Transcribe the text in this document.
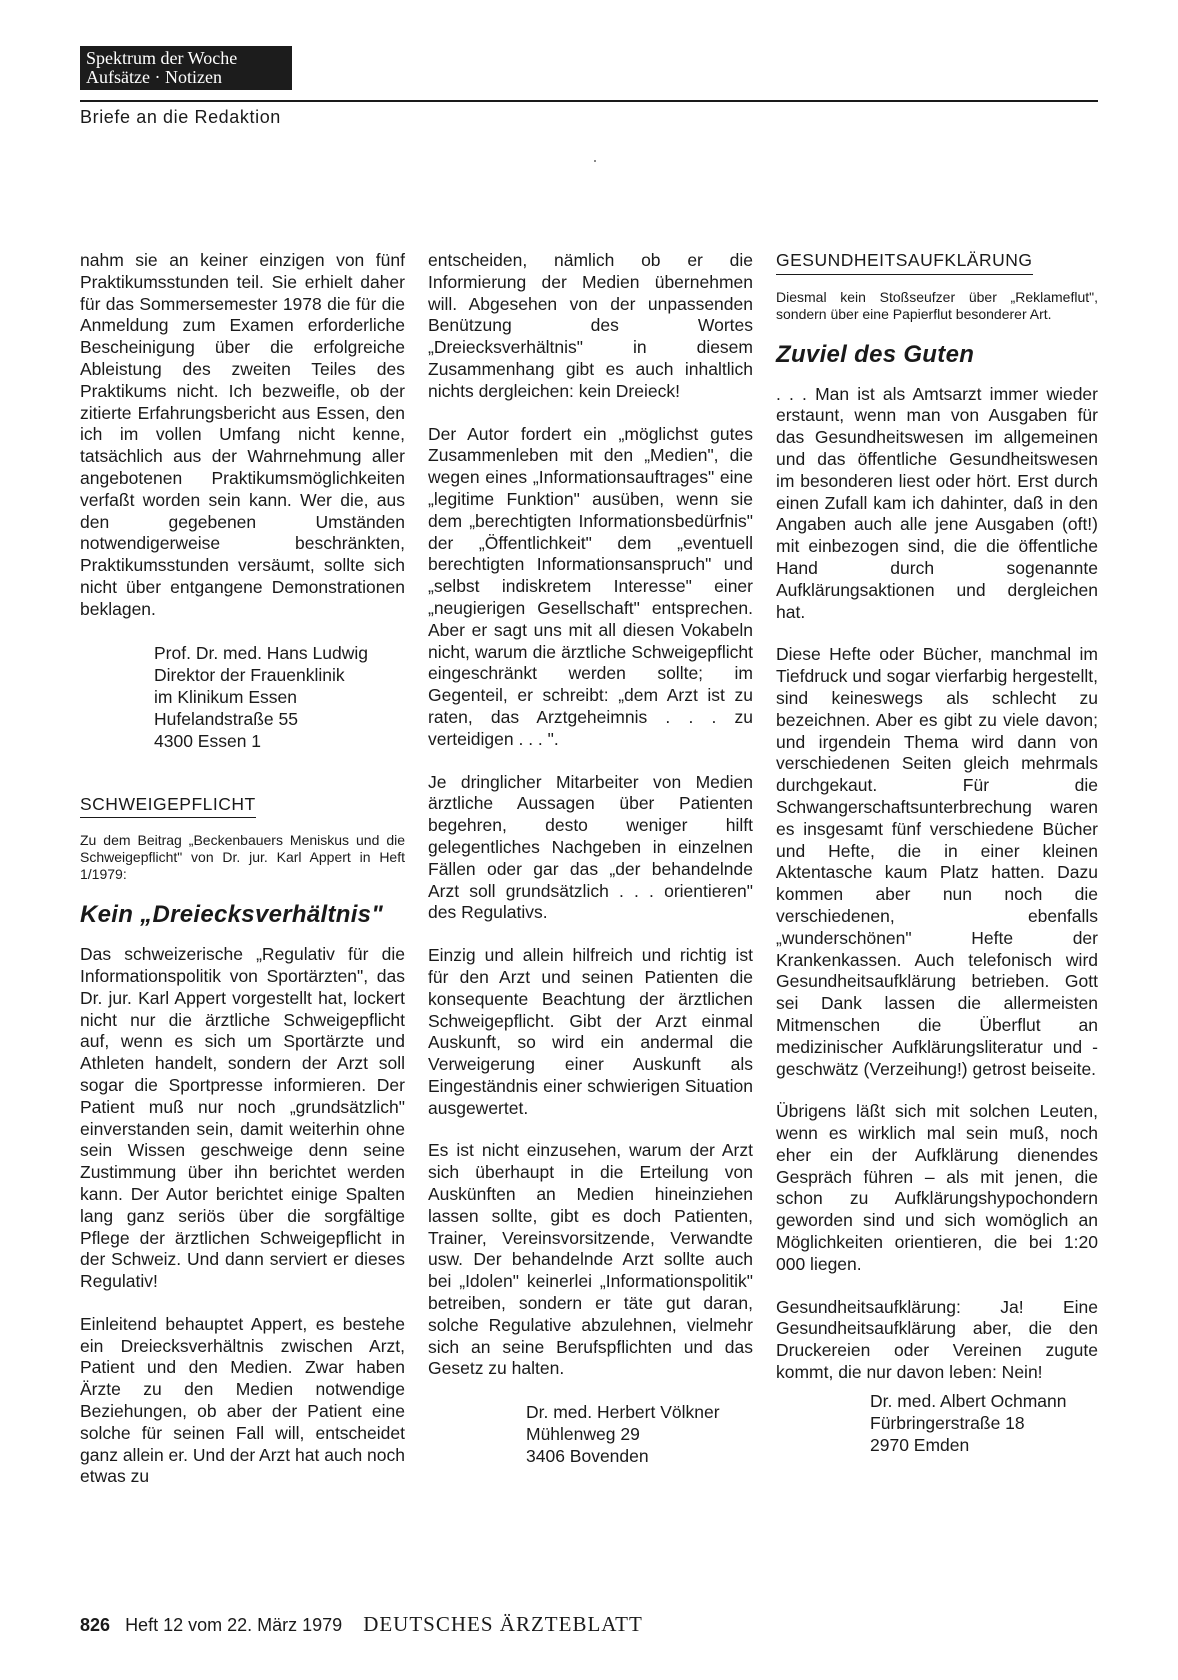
Spektrum der Woche
Aufsätze · Notizen
Briefe an die Redaktion

nahm sie an keiner einzigen von fünf Praktikumsstunden teil. Sie erhielt daher für das Sommersemester 1978 die für die Anmeldung zum Examen erforderliche Bescheinigung über die erfolgreiche Ableistung des zweiten Teiles des Praktikums nicht. Ich bezweifle, ob der zitierte Erfahrungsbericht aus Essen, den ich im vollen Umfang nicht kenne, tatsächlich aus der Wahrnehmung aller angebotenen Praktikumsmöglichkeiten verfaßt worden sein kann. Wer die, aus den gegebenen Umständen notwendigerweise beschränkten, Praktikumsstunden versäumt, sollte sich nicht über entgangene Demonstrationen beklagen.

Prof. Dr. med. Hans Ludwig
Direktor der Frauenklinik
im Klinikum Essen
Hufelandstraße 55
4300 Essen 1
SCHWEIGEPFLICHT

Zu dem Beitrag „Beckenbauers Meniskus und die Schweigepflicht" von Dr. jur. Karl Appert in Heft 1/1979:

Kein „Dreiecksverhältnis"

Das schweizerische „Regulativ für die Informationspolitik von Sportärzten", das Dr. jur. Karl Appert vorgestellt hat, lockert nicht nur die ärztliche Schweigepflicht auf, wenn es sich um Sportärzte und Athleten handelt, sondern der Arzt soll sogar die Sportpresse informieren. Der Patient muß nur noch „grundsätzlich" einverstanden sein, damit weiterhin ohne sein Wissen geschweige denn seine Zustimmung über ihn berichtet werden kann. Der Autor berichtet einige Spalten lang ganz seriös über die sorgfältige Pflege der ärztlichen Schweigepflicht in der Schweiz. Und dann serviert er dieses Regulativ!

Einleitend behauptet Appert, es bestehe ein Dreiecksverhältnis zwischen Arzt, Patient und den Medien. Zwar haben Ärzte zu den Medien notwendige Beziehungen, ob aber der Patient eine solche für seinen Fall will, entscheidet ganz allein er. Und der Arzt hat auch noch etwas zu

entscheiden, nämlich ob er die Informierung der Medien übernehmen will. Abgesehen von der unpassenden Benützung des Wortes „Dreiecksverhältnis" in diesem Zusammenhang gibt es auch inhaltlich nichts dergleichen: kein Dreieck!

Der Autor fordert ein „möglichst gutes Zusammenleben mit den „Medien", die wegen eines „Informationsauftrages" eine „legitime Funktion" ausüben, wenn sie dem „berechtigten Informationsbedürfnis" der „Öffentlichkeit" dem „eventuell berechtigten Informationsanspruch" und „selbst indiskretem Interesse" einer „neugierigen Gesellschaft" entsprechen. Aber er sagt uns mit all diesen Vokabeln nicht, warum die ärztliche Schweigepflicht eingeschränkt werden sollte; im Gegenteil, er schreibt: „dem Arzt ist zu raten, das Arztgeheimnis . . . zu verteidigen . . . ".

Je dringlicher Mitarbeiter von Medien ärztliche Aussagen über Patienten begehren, desto weniger hilft gelegentliches Nachgeben in einzelnen Fällen oder gar das „der behandelnde Arzt soll grundsätzlich . . . orientieren" des Regulativs.

Einzig und allein hilfreich und richtig ist für den Arzt und seinen Patienten die konsequente Beachtung der ärztlichen Schweigepflicht. Gibt der Arzt einmal Auskunft, so wird ein andermal die Verweigerung einer Auskunft als Eingeständnis einer schwierigen Situation ausgewertet.

Es ist nicht einzusehen, warum der Arzt sich überhaupt in die Erteilung von Auskünften an Medien hineinziehen lassen sollte, gibt es doch Patienten, Trainer, Vereinsvorsitzende, Verwandte usw. Der behandelnde Arzt sollte auch bei „Idolen" keinerlei „Informationspolitik" betreiben, sondern er täte gut daran, solche Regulative abzulehnen, vielmehr sich an seine Berufspflichten und das Gesetz zu halten.

Dr. med. Herbert Völkner
Mühlenweg 29
3406 Bovenden
GESUNDHEITSAUFKLÄRUNG

Diesmal kein Stoßseufzer über „Reklameflut", sondern über eine Papierflut besonderer Art.

Zuviel des Guten

. . . Man ist als Amtsarzt immer wieder erstaunt, wenn man von Ausgaben für das Gesundheitswesen im allgemeinen und das öffentliche Gesundheitswesen im besonderen liest oder hört. Erst durch einen Zufall kam ich dahinter, daß in den Angaben auch alle jene Ausgaben (oft!) mit einbezogen sind, die die öffentliche Hand durch sogenannte Aufklärungsaktionen und dergleichen hat.

Diese Hefte oder Bücher, manchmal im Tiefdruck und sogar vierfarbig hergestellt, sind keineswegs als schlecht zu bezeichnen. Aber es gibt zu viele davon; und irgendein Thema wird dann von verschiedenen Seiten gleich mehrmals durchgekaut. Für die Schwangerschaftsunterbrechung waren es insgesamt fünf verschiedene Bücher und Hefte, die in einer kleinen Aktentasche kaum Platz hatten. Dazu kommen aber nun noch die verschiedenen, ebenfalls „wunderschönen" Hefte der Krankenkassen. Auch telefonisch wird Gesundheitsaufklärung betrieben. Gott sei Dank lassen die allermeisten Mitmenschen die Überflut an medizinischer Aufklärungsliteratur und -geschwätz (Verzeihung!) getrost beiseite.

Übrigens läßt sich mit solchen Leuten, wenn es wirklich mal sein muß, noch eher ein der Aufklärung dienendes Gespräch führen – als mit jenen, die schon zu Aufklärungshypochondern geworden sind und sich womöglich an Möglichkeiten orientieren, die bei 1:20 000 liegen.

Gesundheitsaufklärung: Ja! Eine Gesundheitsaufklärung aber, die den Druckereien oder Vereinen zugute kommt, die nur davon leben: Nein!

Dr. med. Albert Ochmann
Fürbringerstraße 18
2970 Emden
826 Heft 12 vom 22. März 1979 DEUTSCHES ÄRZTEBLATT
